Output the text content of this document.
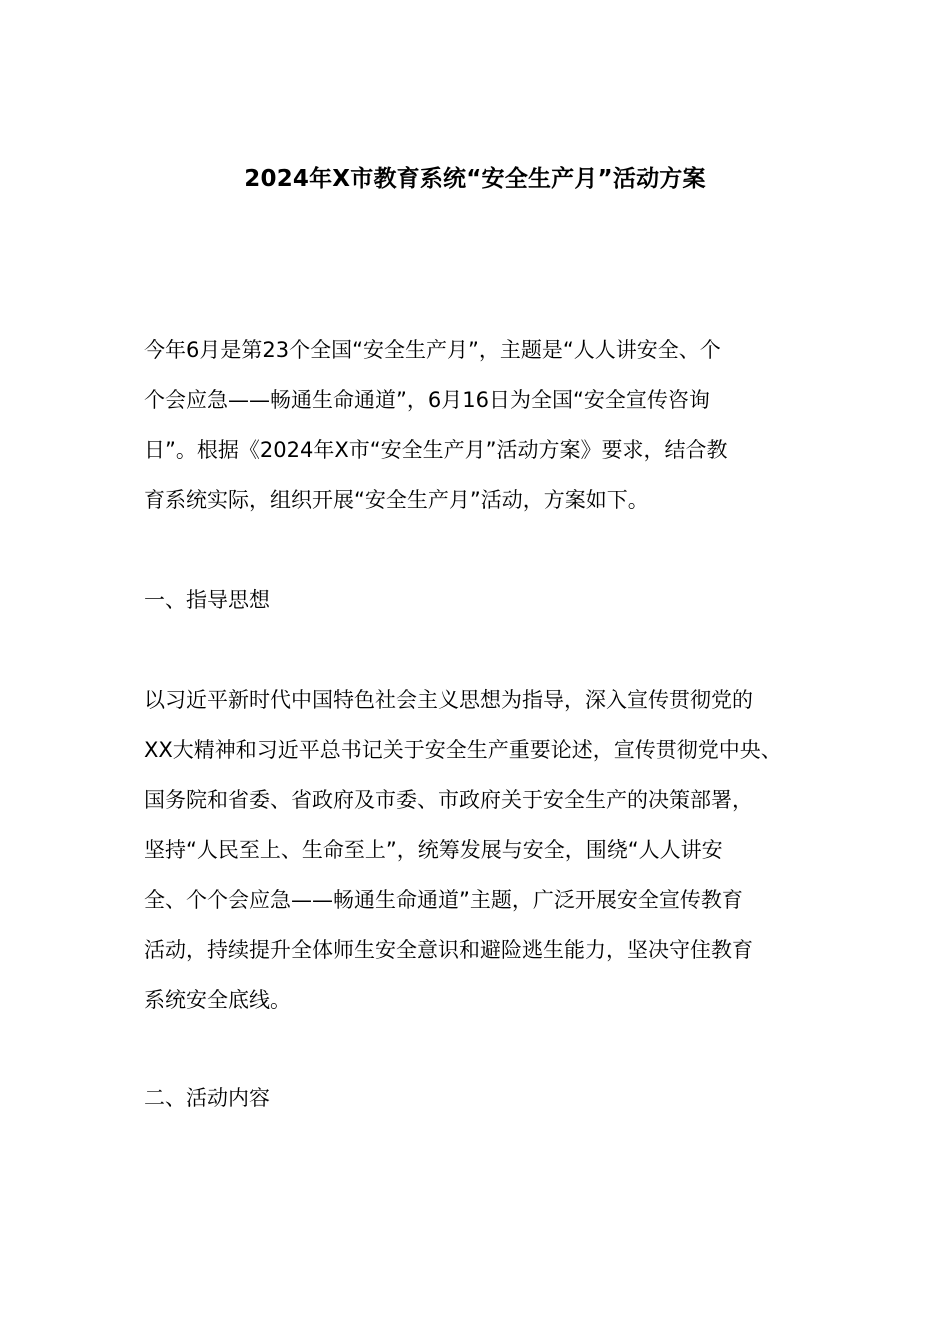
2024年X市教育系统“安全生产月”活动方案
今年6月是第23个全国“安全生产月”，主题是“人人讲安全、个
个会应急——畅通生命通道”，6月16日为全国“安全宣传咨询
日”。根据《2024年X市“安全生产月”活动方案》要求，结合教
育系统实际，组织开展“安全生产月”活动，方案如下。
一、指导思想
以习近平新时代中国特色社会主义思想为指导，深入宣传贯彻党的
XX大精神和习近平总书记关于安全生产重要论述，宣传贯彻党中央、
国务院和省委、省政府及市委、市政府关于安全生产的决策部署，
坚持“人民至上、生命至上”，统筹发展与安全，围绕“人人讲安
全、个个会应急——畅通生命通道”主题，广泛开展安全宣传教育
活动，持续提升全体师生安全意识和避险逃生能力，坚决守住教育
系统安全底线。
二、活动内容
